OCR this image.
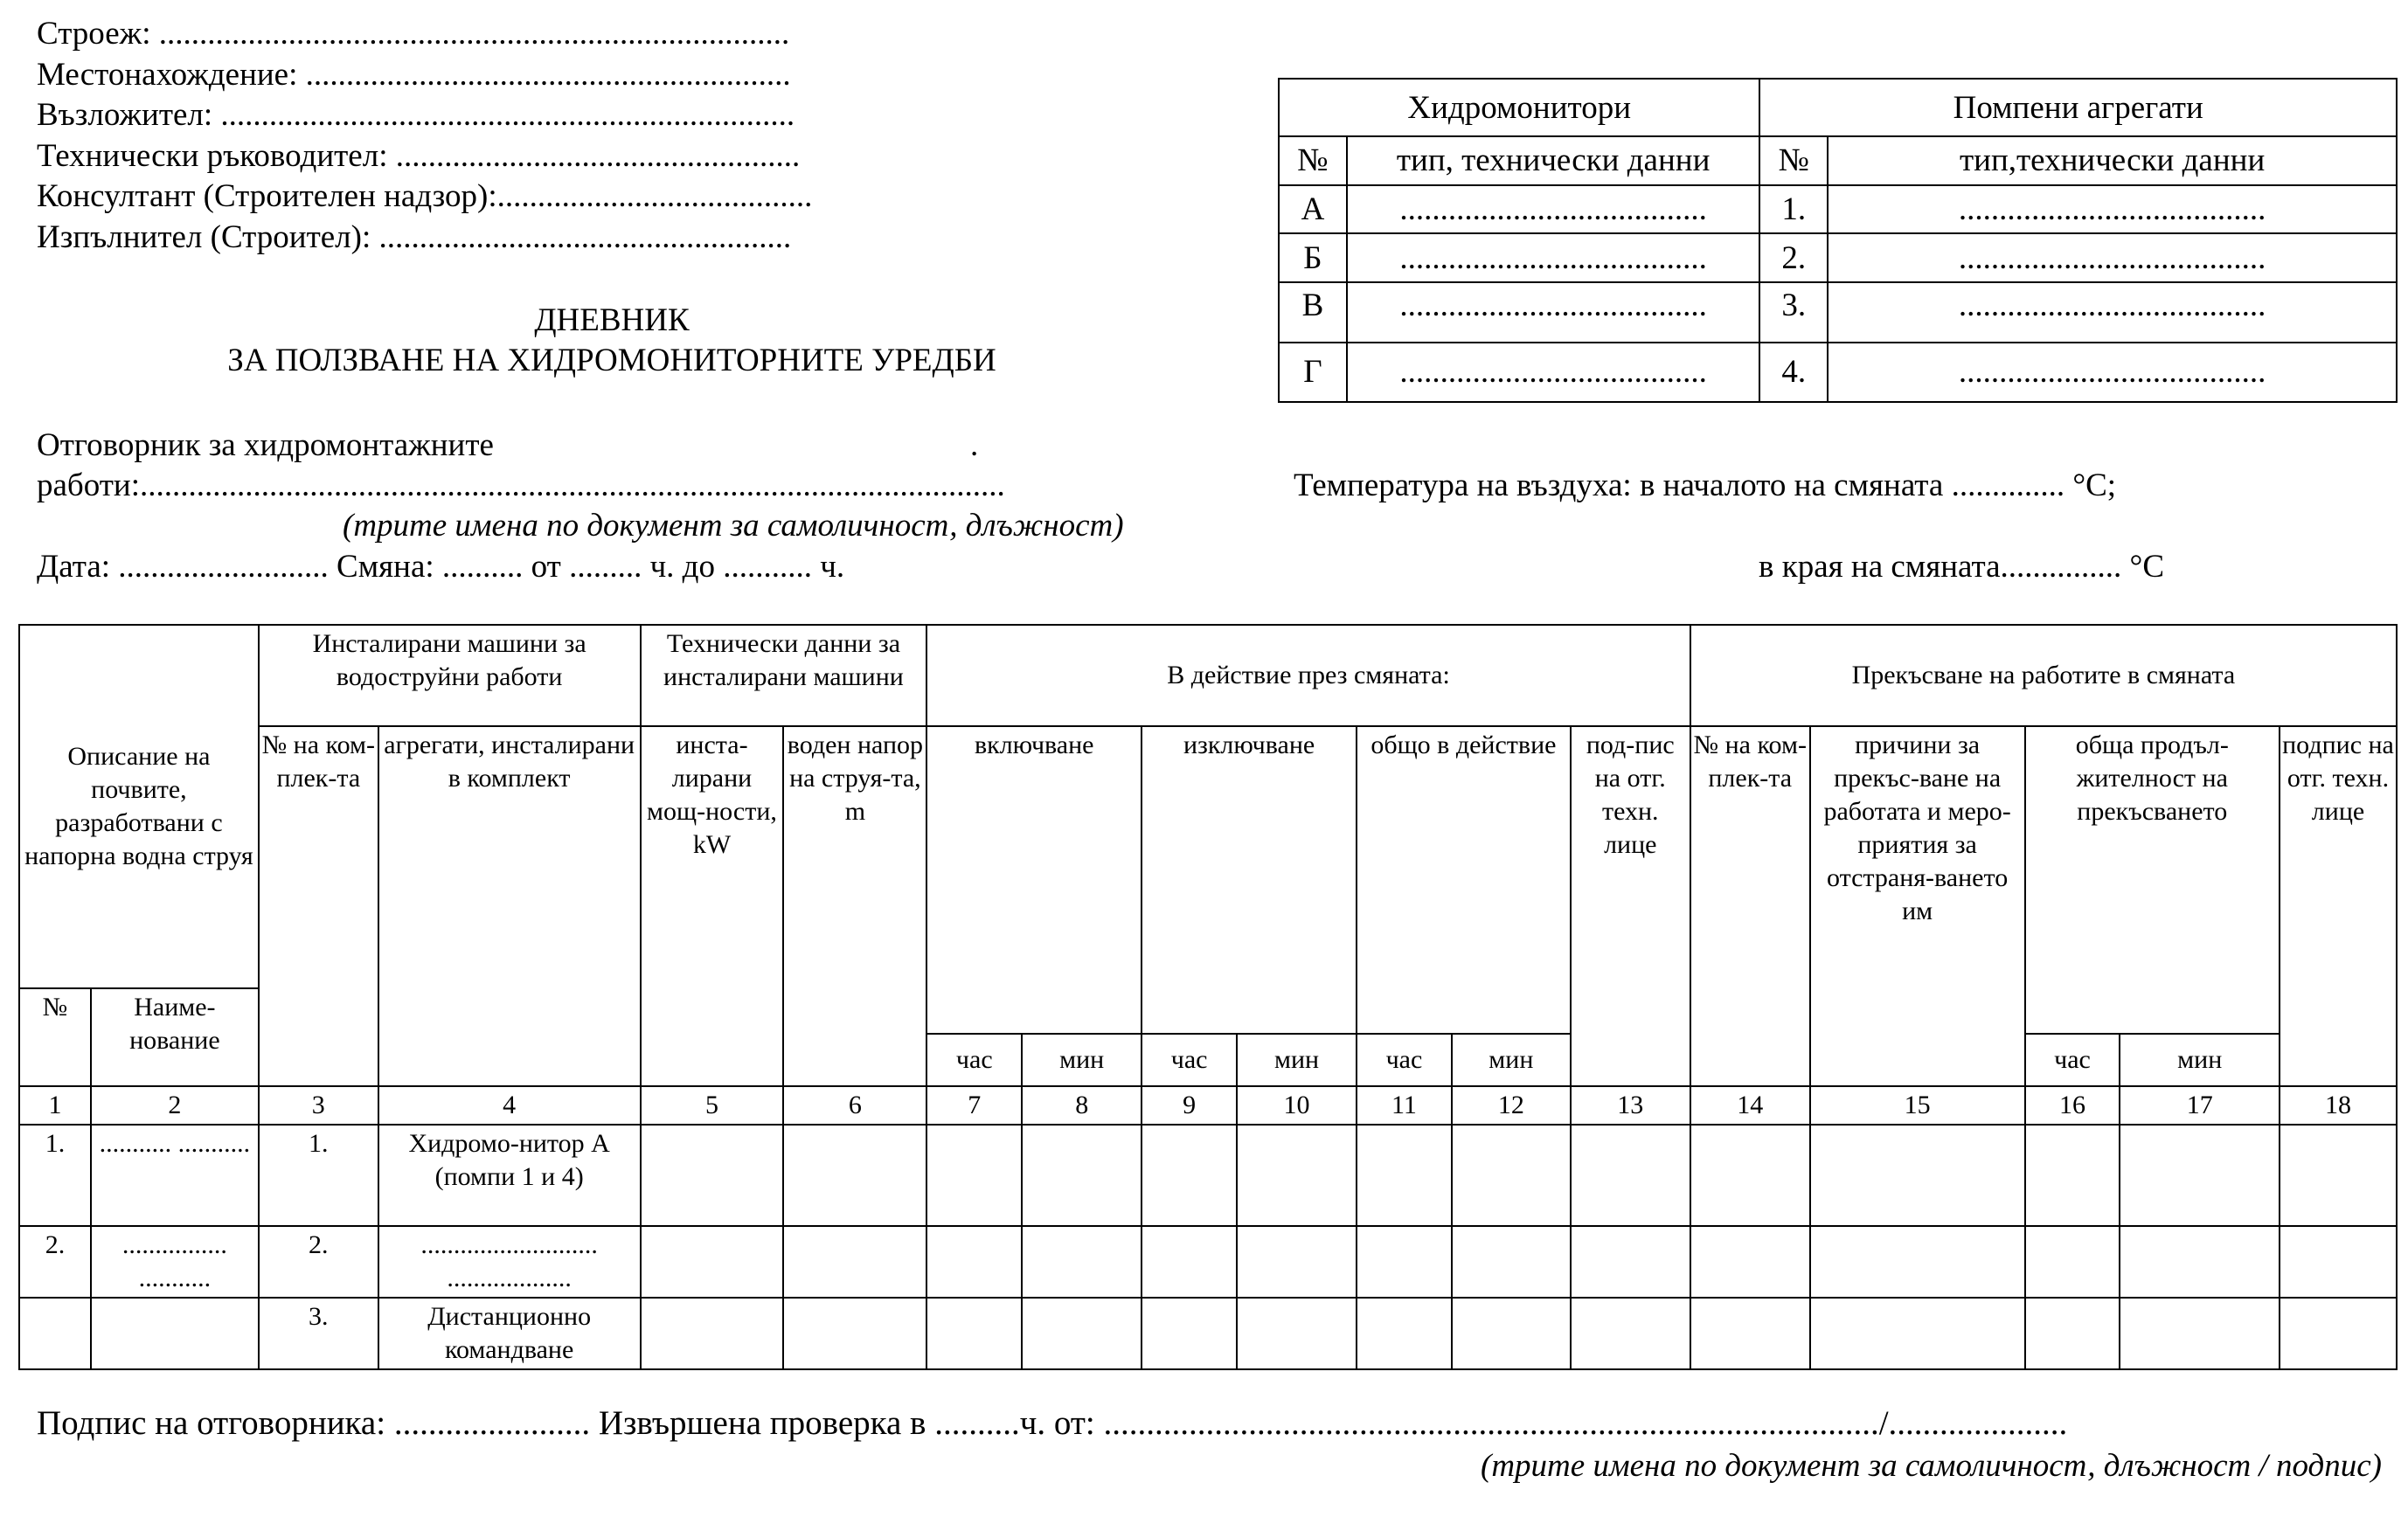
Строеж: ..............................................................................
Местонахождение: ............................................................
Възложител: .......................................................................
Технически ръководител: ..................................................
Консултант (Строителен надзор):.......................................
Изпълнител (Строител): ...................................................
ДНЕВНИК
ЗА ПОЛЗВАНЕ НА ХИДРОМОНИТОРНИТЕ УРЕДБИ
Хидромонитори		Помпени агрегати	
№	тип, технически данни	№	тип,технически данни
А	......................................	1.	......................................
Б	......................................	2.	......................................
В	......................................	3.	......................................
Г	......................................	4.	......................................
Отговорник за хидромонтажните	.
работи:...........................................................................................................
(трите имена по документ за самоличност, длъжност)
Дата: .......................... Смяна: .......... от ......... ч. до ........... ч.
Температура на въздуха: в началото на смяната .............. °C;
в края на смяната............... °C
Описание на почвите, разработвани с напорна водна струя		Инсталирани машини за водоструйни работи		Технически данни за инсталирани машини		В действие през смяната:							Прекъсване на работите в смяната				
		№ на ком-плек-та	агрегати, инсталирани в комплект	инста-лирани мощ-ности, kW	воден напор на струя-та, m	включване		изключване		общо в действие		под-пис на отг. техн. лице	№ на ком-плек-та	причини за прекъс-ване на работата и меро-приятия за отстраня-ването им	обща продъл-жителност на прекъсването		подпис на отг. техн. лице
№	Наиме-нование																
						час	мин	час	мин	час	мин				час	мин	
1	2	3	4	5	6	7	8	9	10	11	12	13	14	15	16	17	18
1.	........... ...........	1.	Хидромо-нитор А (помпи 1 и 4)														
2.	................ ...........	2.	........................... ...................														
		3.	Дистанционно командване														
Подпис на отговорника: ....................... Извършена проверка в ..........ч. от: .........................................................................................../.....................
(трите имена по документ за самоличност, длъжност / подпис)
